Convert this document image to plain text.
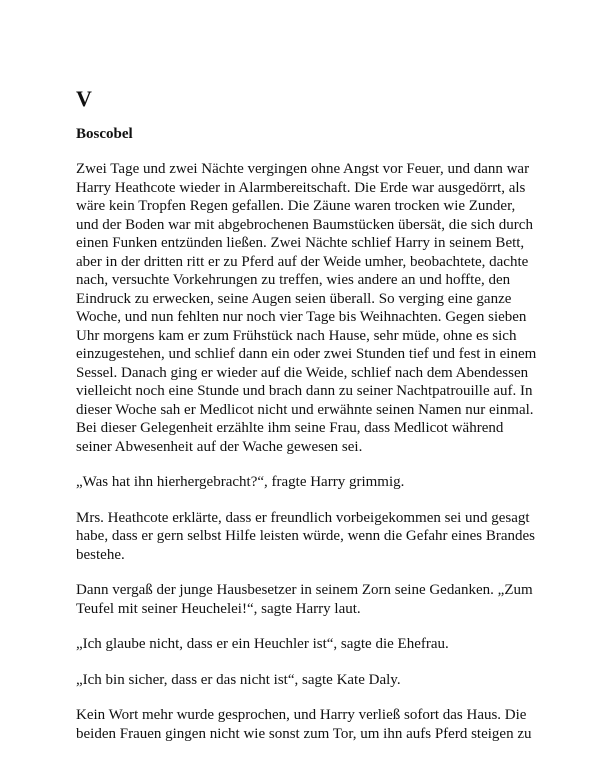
V
Boscobel

Zwei Tage und zwei Nächte vergingen ohne Angst vor Feuer, und dann war Harry Heathcote wieder in Alarmbereitschaft. Die Erde war ausgedörrt, als wäre kein Tropfen Regen gefallen. Die Zäune waren trocken wie Zunder, und der Boden war mit abgebrochenen Baumstücken übersät, die sich durch einen Funken entzünden ließen. Zwei Nächte schlief Harry in seinem Bett, aber in der dritten ritt er zu Pferd auf der Weide umher, beobachtete, dachte nach, versuchte Vorkehrungen zu treffen, wies andere an und hoffte, den Eindruck zu erwecken, seine Augen seien überall. So verging eine ganze Woche, und nun fehlten nur noch vier Tage bis Weihnachten. Gegen sieben Uhr morgens kam er zum Frühstück nach Hause, sehr müde, ohne es sich einzugestehen, und schlief dann ein oder zwei Stunden tief und fest in einem Sessel. Danach ging er wieder auf die Weide, schlief nach dem Abendessen vielleicht noch eine Stunde und brach dann zu seiner Nachtpatrouille auf. In dieser Woche sah er Medlicot nicht und erwähnte seinen Namen nur einmal. Bei dieser Gelegenheit erzählte ihm seine Frau, dass Medlicot während seiner Abwesenheit auf der Wache gewesen sei.

„Was hat ihn hierhergebracht?“, fragte Harry grimmig.

Mrs. Heathcote erklärte, dass er freundlich vorbeigekommen sei und gesagt habe, dass er gern selbst Hilfe leisten würde, wenn die Gefahr eines Brandes bestehe.

Dann vergaß der junge Hausbesetzer in seinem Zorn seine Gedanken. „Zum Teufel mit seiner Heuchelei!“, sagte Harry laut.

„Ich glaube nicht, dass er ein Heuchler ist“, sagte die Ehefrau.

„Ich bin sicher, dass er das nicht ist“, sagte Kate Daly.

Kein Wort mehr wurde gesprochen, und Harry verließ sofort das Haus. Die beiden Frauen gingen nicht wie sonst zum Tor, um ihn aufs Pferd steigen zu
